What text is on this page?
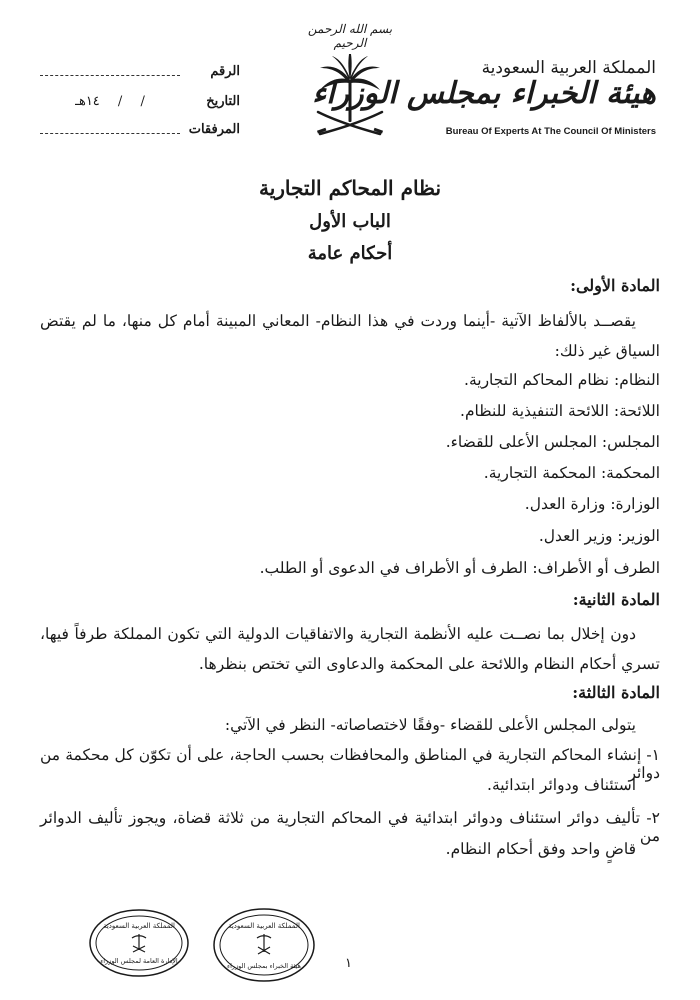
الرقم
التاريخ
/ / ١٤هـ
المرفقات
بسم الله الرحمن الرحيم
المملكة العربية السعودية
هيئة الخبراء بمجلس الوزراء
Bureau Of Experts At The Council Of Ministers
نظام المحاكم التجارية
الباب الأول
أحكام عامة
المادة الأولى:
يقصــد بالألفاظ الآتية -أينما وردت في هذا النظام- المعاني المبينة أمام كل منها، ما لم يقتض
السياق غير ذلك:
النظام: نظام المحاكم التجارية.
اللائحة: اللائحة التنفيذية للنظام.
المجلس: المجلس الأعلى للقضاء.
المحكمة: المحكمة التجارية.
الوزارة: وزارة العدل.
الوزير: وزير العدل.
الطرف أو الأطراف: الطرف أو الأطراف في الدعوى أو الطلب.
المادة الثانية:
دون إخلال بما نصــت عليه الأنظمة التجارية والاتفاقيات الدولية التي تكون المملكة طرفاً فيها،
تسري أحكام النظام واللائحة على المحكمة والدعاوى التي تختص بنظرها.
المادة الثالثة:
يتولى المجلس الأعلى للقضاء -وفقًا لاختصاصاته- النظر في الآتي:
١- إنشاء المحاكم التجارية في المناطق والمحافظات بحسب الحاجة، على أن تكوّن كل محكمة من دوائر
استئناف ودوائر ابتدائية.
٢- تأليف دوائر استئناف ودوائر ابتدائية في المحاكم التجارية من ثلاثة قضاة، ويجوز تأليف الدوائر من
قاضٍ واحد وفق أحكام النظام.
المملكة العربية السعودية
الإدارة العامة لمجلس الوزراء
المملكة العربية السعودية
هيئة الخبراء بمجلس الوزراء	١
